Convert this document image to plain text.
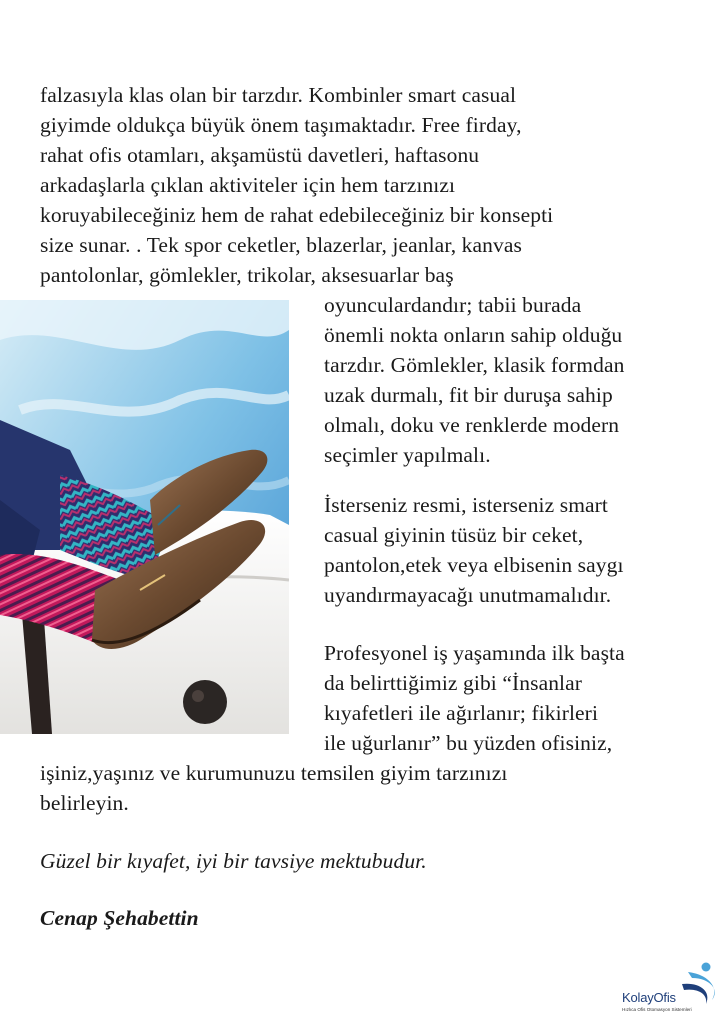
falzasıyla klas olan bir tarzdır. Kombinler smart casual
giyimde oldukça büyük önem taşımaktadır. Free firday,
rahat ofis otamları, akşamüstü davetleri, haftasonu
arkadaşlarla çıklan aktiviteler için hem tarzınızı
koruyabileceğiniz hem de rahat edebileceğiniz bir konsepti
size sunar. . Tek spor ceketler, blazerlar, jeanlar, kanvas
pantolonlar, gömlekler, trikolar, aksesuarlar baş
oyunculardandır; tabii burada
önemli nokta onların sahip olduğu
tarzdır. Gömlekler, klasik formdan
uzak durmalı, fit bir duruşa sahip
olmalı, doku ve renklerde modern
seçimler yapılmalı.
İsterseniz resmi, isterseniz smart
casual giyinin tüsüz bir ceket,
pantolon,etek veya elbisenin saygı
uyandırmayacağı unutmamalıdır.
Profesyonel iş yaşamında ilk başta
da belirttiğimiz gibi “İnsanlar
kıyafetleri ile ağırlanır; fikirleri
ile uğurlanır” bu yüzden ofisiniz,
işiniz,yaşınız ve kurumunuzu temsilen giyim tarzınızı
belirleyin.
Güzel bir kıyafet, iyi bir tavsiye mektubudur.
Cenap Şehabettin
KolayOfis
Hızlıca Ofis Otomasyon Sistemleri
